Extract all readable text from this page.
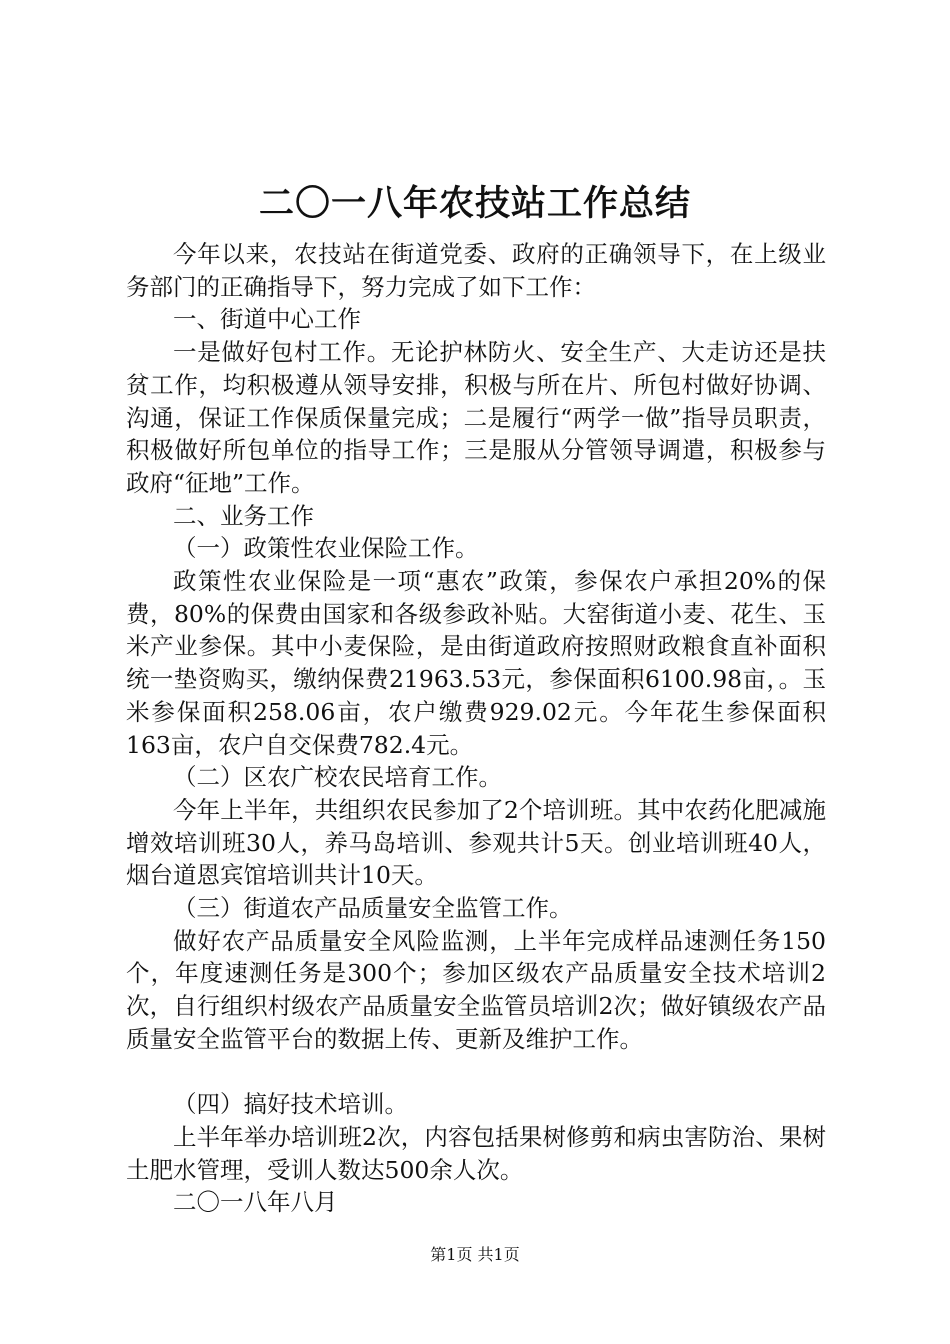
二〇一八年农技站工作总结

今年以来，农技站在街道党委、政府的正确领导下，在上级业务部门的正确指导下，努力完成了如下工作：

一、街道中心工作

一是做好包村工作。无论护林防火、安全生产、大走访还是扶贫工作，均积极遵从领导安排，积极与所在片、所包村做好协调、沟通，保证工作保质保量完成；二是履行“两学一做”指导员职责，积极做好所包单位的指导工作；三是服从分管领导调遣，积极参与政府“征地”工作。

二、业务工作

（一）政策性农业保险工作。

政策性农业保险是一项“惠农”政策，参保农户承担20%的保费，80%的保费由国家和各级参政补贴。大窑街道小麦、花生、玉米产业参保。其中小麦保险，是由街道政府按照财政粮食直补面积统一垫资购买，缴纳保费21963.53元，参保面积6100.98亩，。玉米参保面积258.06亩，农户缴费929.02元。今年花生参保面积163亩，农户自交保费782.4元。

（二）区农广校农民培育工作。

今年上半年，共组织农民参加了2个培训班。其中农药化肥减施增效培训班30人，养马岛培训、参观共计5天。创业培训班40人，烟台道恩宾馆培训共计10天。

（三）街道农产品质量安全监管工作。

做好农产品质量安全风险监测，上半年完成样品速测任务150个，年度速测任务是300个；参加区级农产品质量安全技术培训2次，自行组织村级农产品质量安全监管员培训2次；做好镇级农产品质量安全监管平台的数据上传、更新及维护工作。

（四）搞好技术培训。

上半年举办培训班2次，内容包括果树修剪和病虫害防治、果树土肥水管理，受训人数达500余人次。

二〇一八年八月

第1页 共1页
